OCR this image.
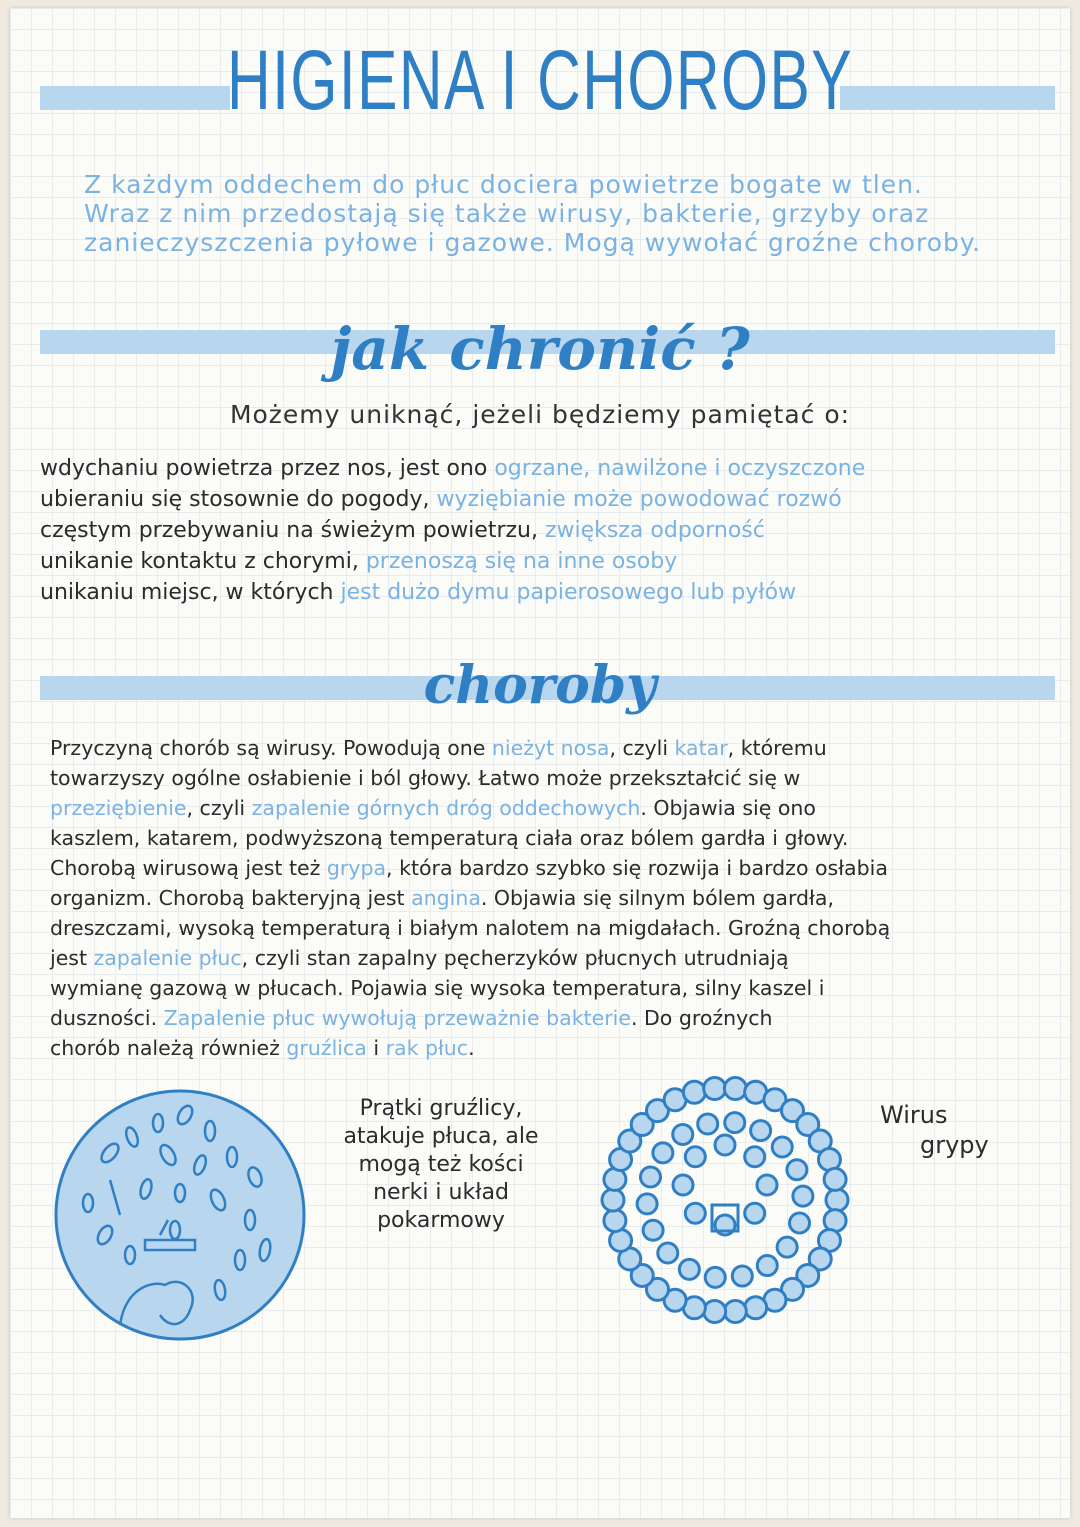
HIGIENA I CHOROBY
Z każdym oddechem do płuc dociera powietrze bogate w tlen.
Wraz z nim przedostają się także wirusy, bakterie, grzyby oraz
zanieczyszczenia pyłowe i gazowe. Mogą wywołać groźne choroby.
jak chronić ?
Możemy uniknąć, jeżeli będziemy pamiętać o:
wdychaniu powietrza przez nos, jest ono ogrzane, nawilżone i oczyszczone
ubieraniu się stosownie do pogody, wyziębianie może powodować rozwó
częstym przebywaniu na świeżym powietrzu, zwiększa odporność
unikanie kontaktu z chorymi, przenoszą się na inne osoby
unikaniu miejsc, w których jest dużo dymu papierosowego lub pyłów
choroby
Przyczyną chorób są wirusy. Powodują one nieżyt nosa, czyli katar, któremu
towarzyszy ogólne osłabienie i ból głowy. Łatwo może przekształcić się w
przeziębienie, czyli zapalenie górnych dróg oddechowych. Objawia się ono
kaszlem, katarem, podwyższoną temperaturą ciała oraz bólem gardła i głowy.
Chorobą wirusową jest też grypa, która bardzo szybko się rozwija i bardzo osłabia
organizm. Chorobą bakteryjną jest angina. Objawia się silnym bólem gardła,
dreszczami, wysoką temperaturą i białym nalotem na migdałach. Groźną chorobą
jest zapalenie płuc, czyli stan zapalny pęcherzyków płucnych utrudniają
wymianę gazową w płucach. Pojawia się wysoka temperatura, silny kaszel i
duszności. Zapalenie płuc wywołują przeważnie bakterie. Do groźnych
chorób należą również gruźlica i rak płuc.
Prątki gruźlicy,
atakuje płuca, ale
mogą też kości
nerki i układ
pokarmowy
Wirus
grypy
